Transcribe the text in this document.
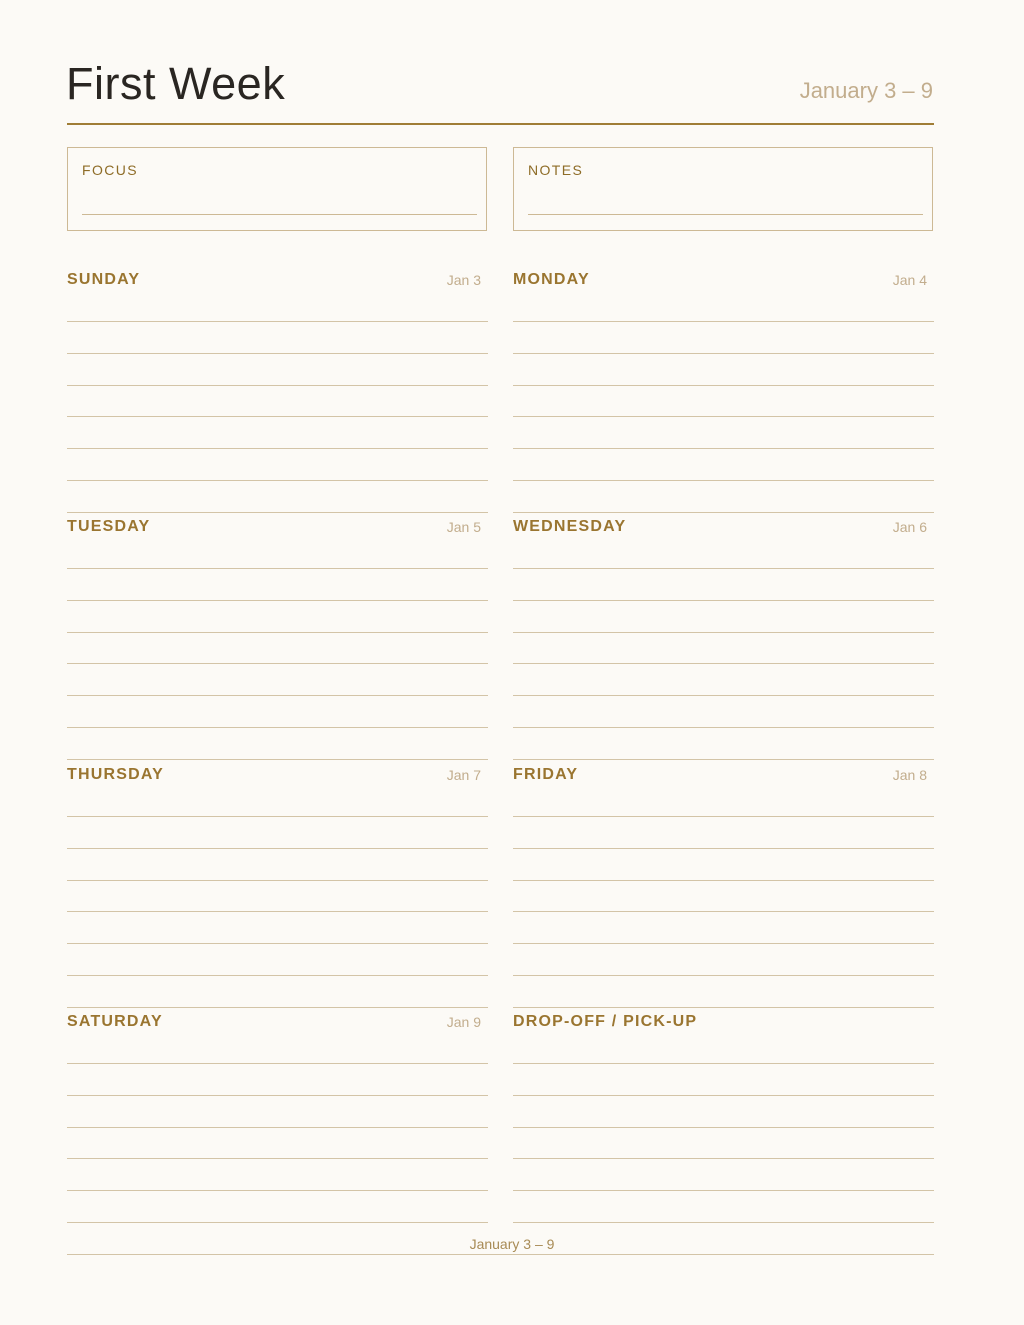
First Week	January 3 – 9
FOCUS	NOTES
SUNDAY	Jan 3 MONDAY	Jan 4
TUESDAY	Jan 5 WEDNESDAY	Jan 6
THURSDAY	Jan 7 FRIDAY	Jan 8
SATURDAY	Jan 9 DROP-OFF / PICK-UP
January 3 – 9
